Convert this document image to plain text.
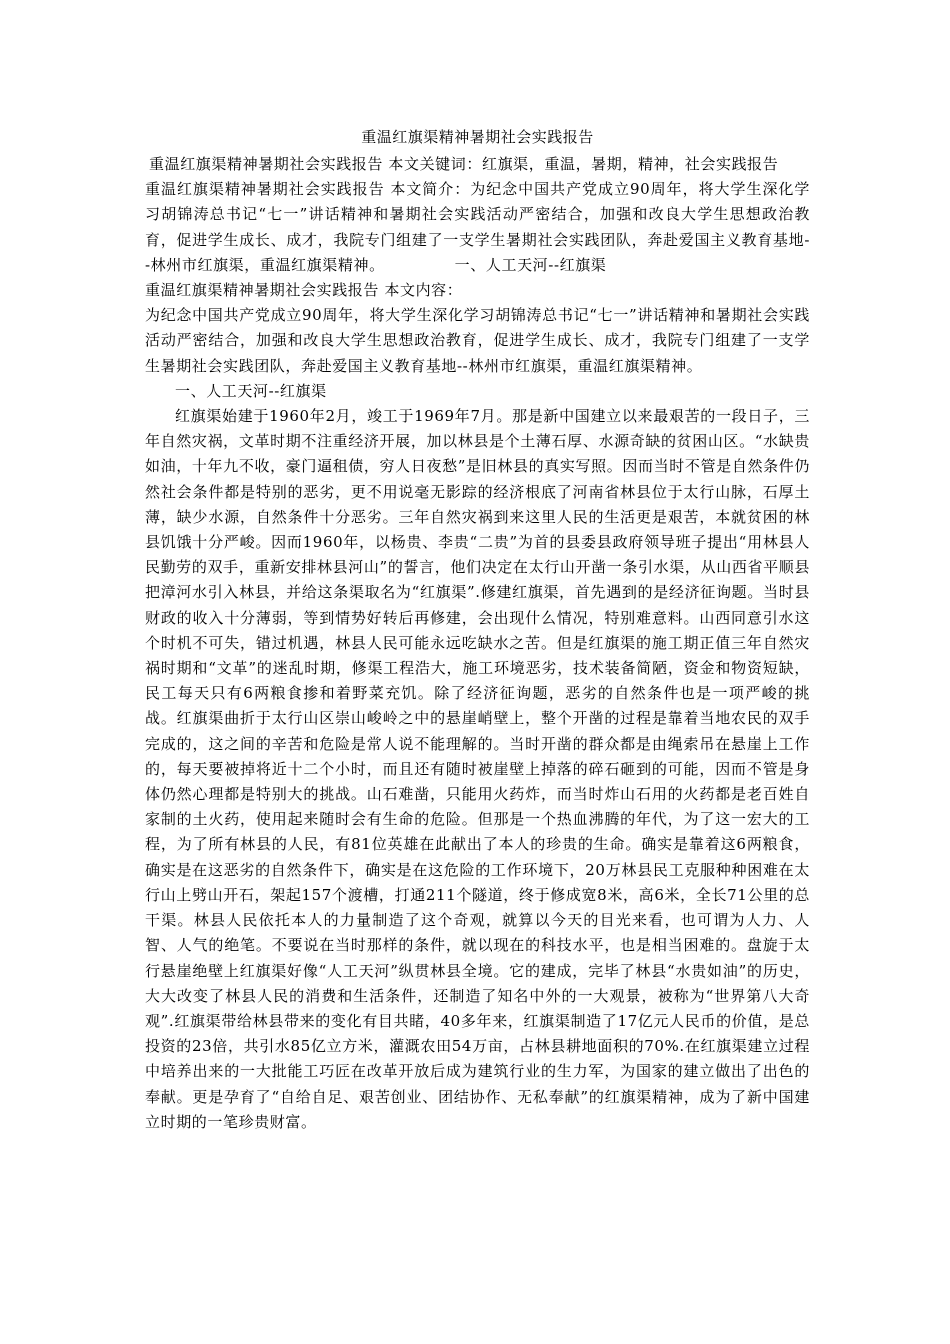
重温红旗渠精神暑期社会实践报告

重温红旗渠精神暑期社会实践报告 本文关键词：红旗渠，重温，暑期，精神，社会实践报告

重温红旗渠精神暑期社会实践报告 本文简介：为纪念中国共产党成立90周年，将大学生深化学习胡锦涛总书记“七一”讲话精神和暑期社会实践活动严密结合，加强和改良大学生思想政治教育，促进学生成长、成才，我院专门组建了一支学生暑期社会实践团队，奔赴爱国主义教育基地--林州市红旗渠，重温红旗渠精神。	一、人工天河--红旗渠

重温红旗渠精神暑期社会实践报告 本文内容：

为纪念中国共产党成立90周年，将大学生深化学习胡锦涛总书记“七一”讲话精神和暑期社会实践活动严密结合，加强和改良大学生思想政治教育，促进学生成长、成才，我院专门组建了一支学生暑期社会实践团队，奔赴爱国主义教育基地--林州市红旗渠，重温红旗渠精神。

一、人工天河--红旗渠

红旗渠始建于1960年2月，竣工于1969年7月。那是新中国建立以来最艰苦的一段日子，三年自然灾祸，文革时期不注重经济开展，加以林县是个土薄石厚、水源奇缺的贫困山区。“水缺贵如油，十年九不收，豪门逼租债，穷人日夜愁”是旧林县的真实写照。因而当时不管是自然条件仍然社会条件都是特别的恶劣，更不用说毫无影踪的经济根底了河南省林县位于太行山脉，石厚土薄，缺少水源，自然条件十分恶劣。三年自然灾祸到来这里人民的生活更是艰苦，本就贫困的林县饥饿十分严峻。因而1960年，以杨贵、李贵“二贵”为首的县委县政府领导班子提出“用林县人民勤劳的双手，重新安排林县河山”的誓言，他们决定在太行山开凿一条引水渠，从山西省平顺县把漳河水引入林县，并给这条渠取名为“红旗渠”.修建红旗渠，首先遇到的是经济征询题。当时县财政的收入十分薄弱，等到情势好转后再修建，会出现什么情况，特别难意料。山西同意引水这个时机不可失，错过机遇，林县人民可能永远吃缺水之苦。但是红旗渠的施工期正值三年自然灾祸时期和“文革”的迷乱时期，修渠工程浩大，施工环境恶劣，技术装备简陋，资金和物资短缺，民工每天只有6两粮食掺和着野菜充饥。除了经济征询题，恶劣的自然条件也是一项严峻的挑战。红旗渠曲折于太行山区崇山峻岭之中的悬崖峭壁上，整个开凿的过程是靠着当地农民的双手完成的，这之间的辛苦和危险是常人说不能理解的。当时开凿的群众都是由绳索吊在悬崖上工作的，每天要被掉将近十二个小时，而且还有随时被崖壁上掉落的碎石砸到的可能，因而不管是身体仍然心理都是特别大的挑战。山石难凿，只能用火药炸，而当时炸山石用的火药都是老百姓自家制的土火药，使用起来随时会有生命的危险。但那是一个热血沸腾的年代，为了这一宏大的工程，为了所有林县的人民，有81位英雄在此献出了本人的珍贵的生命。确实是靠着这6两粮食，确实是在这恶劣的自然条件下，确实是在这危险的工作环境下，20万林县民工克服种种困难在太行山上劈山开石，架起157个渡槽，打通211个隧道，终于修成宽8米，高6米，全长71公里的总干渠。林县人民依托本人的力量制造了这个奇观，就算以今天的目光来看，也可谓为人力、人智、人气的绝笔。不要说在当时那样的条件，就以现在的科技水平，也是相当困难的。盘旋于太行悬崖绝壁上红旗渠好像“人工天河”纵贯林县全境。它的建成，完毕了林县“水贵如油”的历史，大大改变了林县人民的消费和生活条件，还制造了知名中外的一大观景，被称为“世界第八大奇观”.红旗渠带给林县带来的变化有目共睹，40多年来，红旗渠制造了17亿元人民币的价值，是总投资的23倍，共引水85亿立方米，灌溉农田54万亩，占林县耕地面积的70%.在红旗渠建立过程中培养出来的一大批能工巧匠在改革开放后成为建筑行业的生力军，为国家的建立做出了出色的奉献。更是孕育了“自给自足、艰苦创业、团结协作、无私奉献”的红旗渠精神，成为了新中国建立时期的一笔珍贵财富。
